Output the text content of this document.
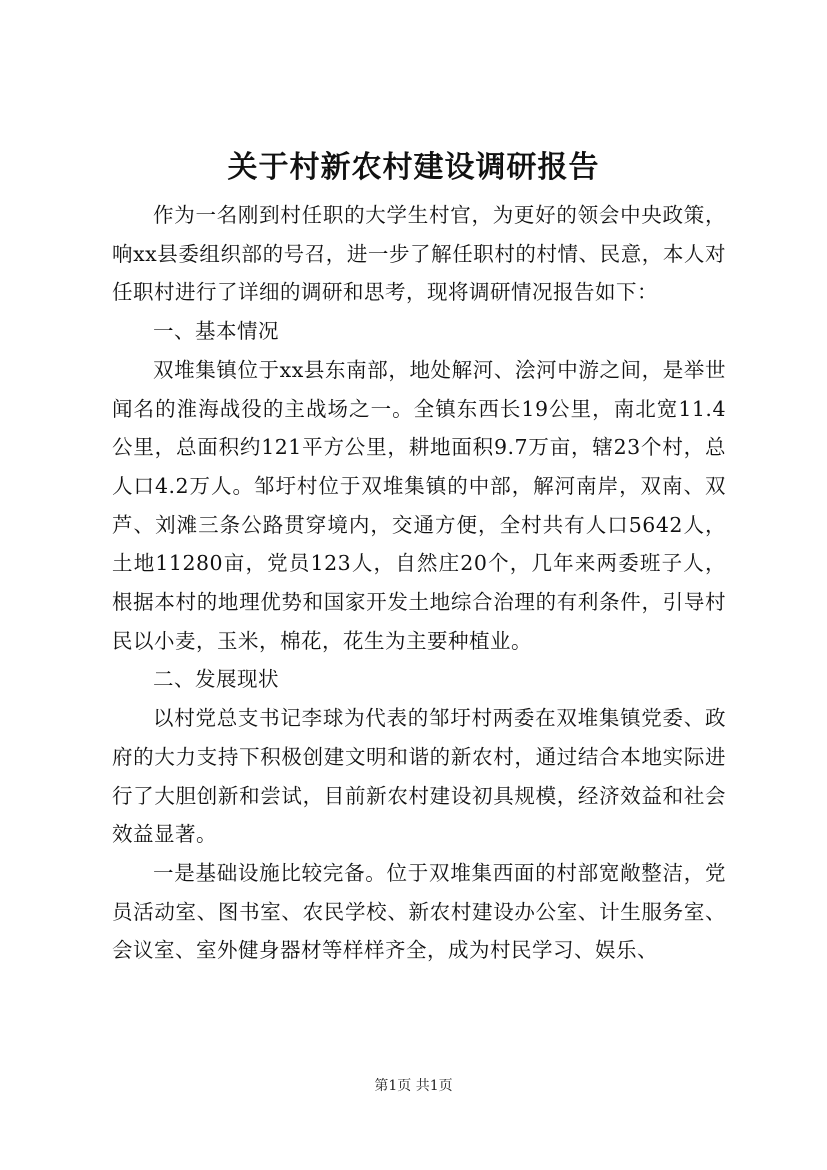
关于村新农村建设调研报告

作为一名刚到村任职的大学生村官，为更好的领会中央政策，响xx县委组织部的号召，进一步了解任职村的村情、民意，本人对任职村进行了详细的调研和思考，现将调研情况报告如下：

一、基本情况

双堆集镇位于xx县东南部，地处解河、浍河中游之间，是举世闻名的淮海战役的主战场之一。全镇东西长19公里，南北宽11.4公里，总面积约121平方公里，耕地面积9.7万亩，辖23个村，总人口4.2万人。邹圩村位于双堆集镇的中部，解河南岸，双南、双芦、刘滩三条公路贯穿境内，交通方便，全村共有人口5642人，土地11280亩，党员123人，自然庄20个，几年来两委班子人，根据本村的地理优势和国家开发土地综合治理的有利条件，引导村民以小麦，玉米，棉花，花生为主要种植业。

二、发展现状

以村党总支书记李球为代表的邹圩村两委在双堆集镇党委、政府的大力支持下积极创建文明和谐的新农村，通过结合本地实际进行了大胆创新和尝试，目前新农村建设初具规模，经济效益和社会效益显著。

一是基础设施比较完备。位于双堆集西面的村部宽敞整洁，党员活动室、图书室、农民学校、新农村建设办公室、计生服务室、会议室、室外健身器材等样样齐全，成为村民学习、娱乐、

第1页 共1页
